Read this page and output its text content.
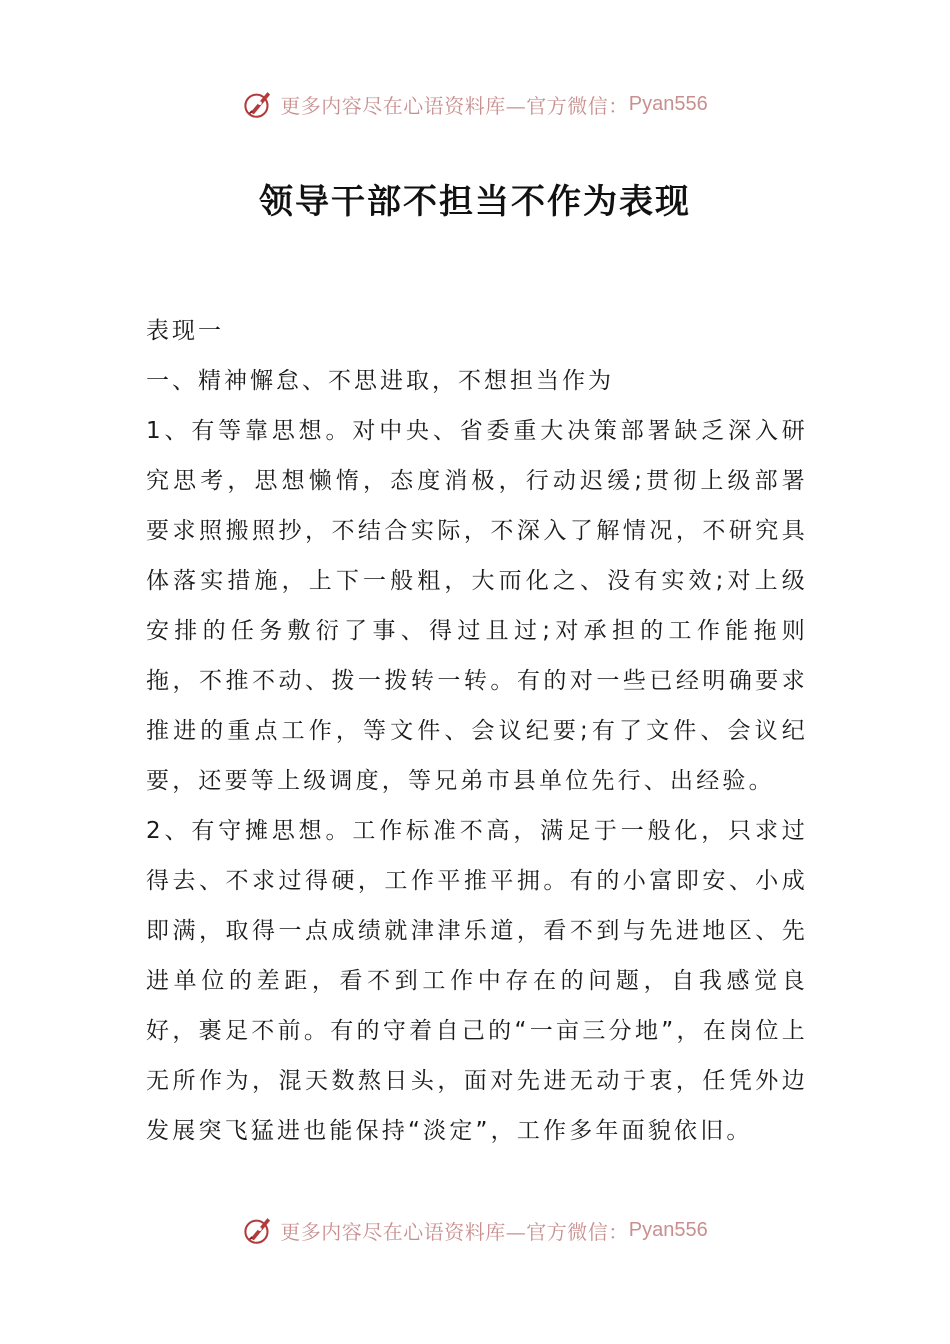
更多内容尽在心语资料库—官方微信： Pyan556
领导干部不担当不作为表现

表现一

一、精神懈怠、不思进取，不想担当作为

1、有等靠思想。对中央、省委重大决策部署缺乏深入研究思考，思想懒惰，态度消极，行动迟缓;贯彻上级部署要求照搬照抄，不结合实际，不深入了解情况，不研究具体落实措施，上下一般粗，大而化之、没有实效;对上级安排的任务敷衍了事、得过且过;对承担的工作能拖则拖，不推不动、拨一拨转一转。有的对一些已经明确要求推进的重点工作，等文件、会议纪要;有了文件、会议纪要，还要等上级调度，等兄弟市县单位先行、出经验。

2、有守摊思想。工作标准不高，满足于一般化，只求过得去、不求过得硬，工作平推平拥。有的小富即安、小成即满，取得一点成绩就津津乐道，看不到与先进地区、先进单位的差距，看不到工作中存在的问题，自我感觉良好，裹足不前。有的守着自己的“一亩三分地”，在岗位上无所作为，混天数熬日头，面对先进无动于衷，任凭外边发展突飞猛进也能保持“淡定”，工作多年面貌依旧。

更多内容尽在心语资料库—官方微信： Pyan556
